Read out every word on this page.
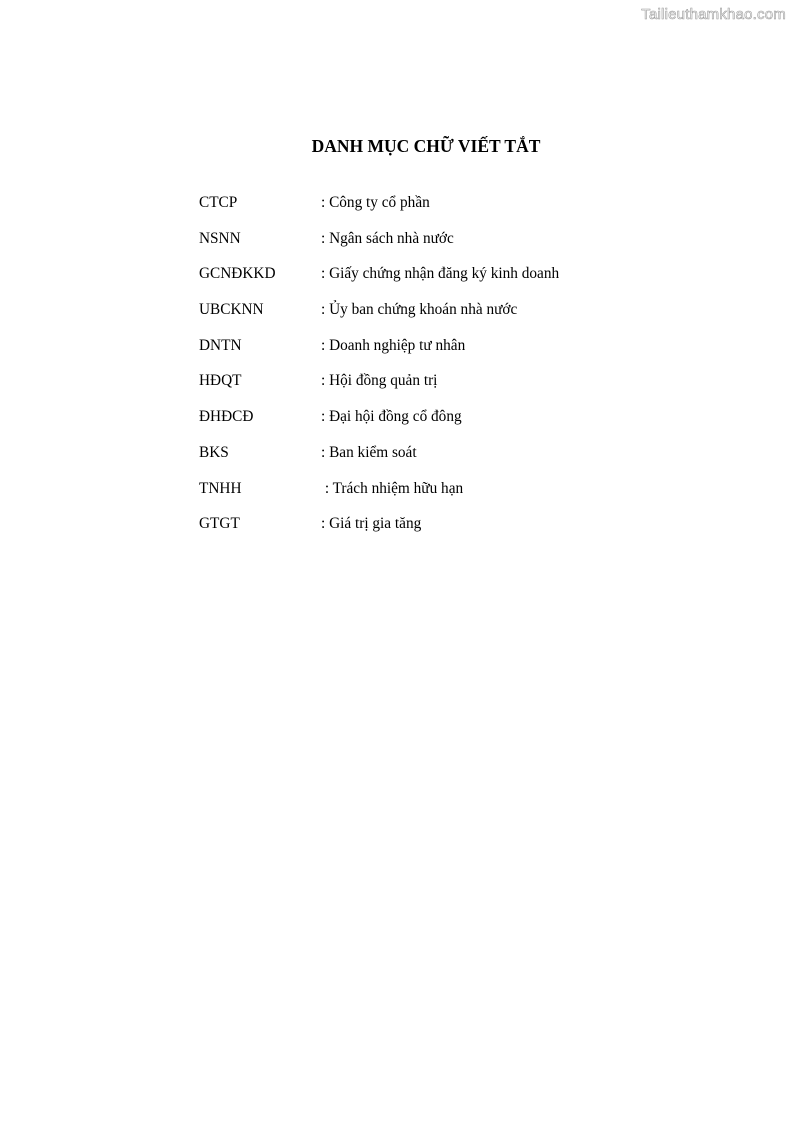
Tailieuthamkhao.com
DANH MỤC CHỮ VIẾT TẮT
CTCP	: Công ty cổ phần
NSNN	: Ngân sách nhà nước
GCNĐKKD	: Giấy chứng nhận đăng ký kinh doanh
UBCKNN	: Ủy ban chứng khoán nhà nước
DNTN	: Doanh nghiệp tư nhân
HĐQT	: Hội đồng quản trị
ĐHĐCĐ	: Đại hội đồng cổ đông
BKS	: Ban kiểm soát
TNHH	: Trách nhiệm hữu hạn
GTGT	: Giá trị gia tăng
